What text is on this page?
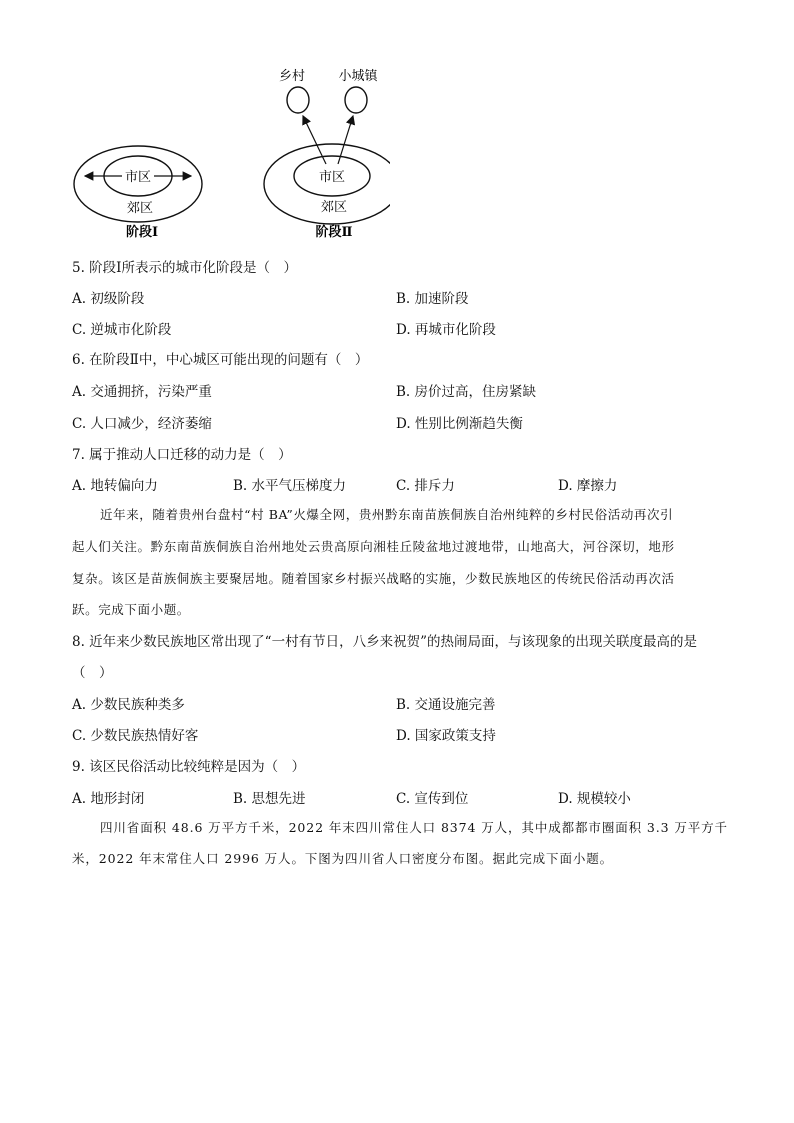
市区
郊区
阶段Ⅰ
乡村	小城镇
市区
郊区
阶段Ⅱ
5. 阶段Ⅰ所表示的城市化阶段是（　）
A. 初级阶段	B. 加速阶段
C. 逆城市化阶段	D. 再城市化阶段
6. 在阶段Ⅱ中，中心城区可能出现的问题有（　）
A. 交通拥挤，污染严重	B. 房价过高，住房紧缺
C. 人口减少，经济萎缩	D. 性别比例渐趋失衡
7. 属于推动人口迁移的动力是（　）
A. 地转偏向力	B. 水平气压梯度力	C. 排斥力	D. 摩擦力
近年来，随着贵州台盘村“村 BA”火爆全网，贵州黔东南苗族侗族自治州纯粹的乡村民俗活动再次引
起人们关注。黔东南苗族侗族自治州地处云贵高原向湘桂丘陵盆地过渡地带，山地高大，河谷深切，地形
复杂。该区是苗族侗族主要聚居地。随着国家乡村振兴战略的实施，少数民族地区的传统民俗活动再次活
跃。完成下面小题。
8. 近年来少数民族地区常出现了“一村有节日，八乡来祝贺”的热闹局面，与该现象的出现关联度最高的是
（　）
A. 少数民族种类多	B. 交通设施完善
C. 少数民族热情好客	D. 国家政策支持
9. 该区民俗活动比较纯粹是因为（　）
A. 地形封闭	B. 思想先进	C. 宣传到位	D. 规模较小
四川省面积 48.6 万平方千米，2022 年末四川常住人口 8374 万人，其中成都都市圈面积 3.3 万平方千
米，2022 年末常住人口 2996 万人。下图为四川省人口密度分布图。据此完成下面小题。
